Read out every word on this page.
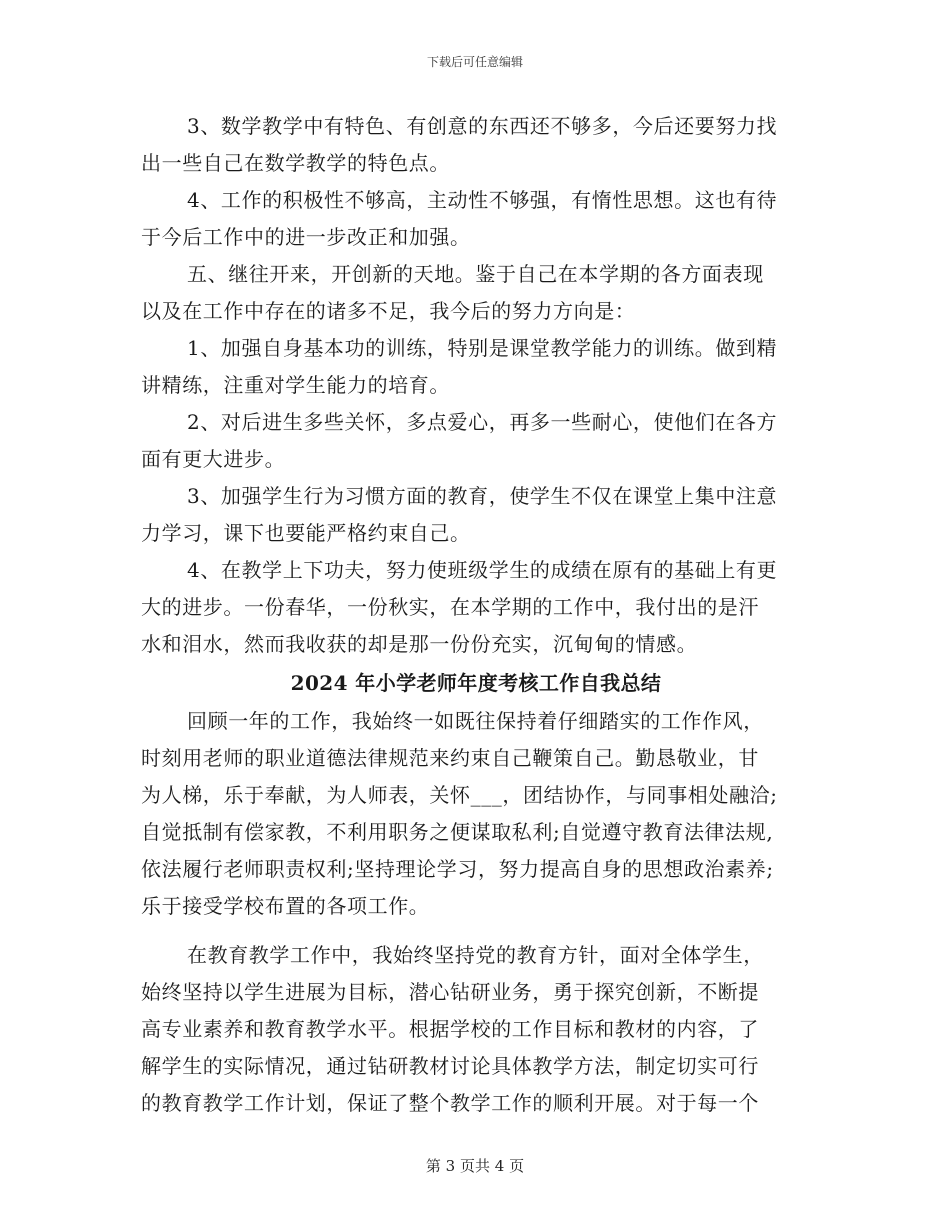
下载后可任意编辑
3、数学教学中有特色、有创意的东西还不够多，今后还要努力找
出一些自己在数学教学的特色点。
4、工作的积极性不够高，主动性不够强，有惰性思想。这也有待
于今后工作中的进一步改正和加强。
五、继往开来，开创新的天地。鉴于自己在本学期的各方面表现
以及在工作中存在的诸多不足，我今后的努力方向是：
1、加强自身基本功的训练，特别是课堂教学能力的训练。做到精
讲精练，注重对学生能力的培育。
2、对后进生多些关怀，多点爱心，再多一些耐心，使他们在各方
面有更大进步。
3、加强学生行为习惯方面的教育，使学生不仅在课堂上集中注意
力学习，课下也要能严格约束自己。
4、在教学上下功夫，努力使班级学生的成绩在原有的基础上有更
大的进步。一份春华，一份秋实，在本学期的工作中，我付出的是汗
水和泪水，然而我收获的却是那一份份充实，沉甸甸的情感。
2024 年小学老师年度考核工作自我总结
回顾一年的工作，我始终一如既往保持着仔细踏实的工作作风，
时刻用老师的职业道德法律规范来约束自己鞭策自己。勤恳敬业，甘
为人梯，乐于奉献，为人师表，关怀___，团结协作，与同事相处融洽;
自觉抵制有偿家教，不利用职务之便谋取私利;自觉遵守教育法律法规,
依法履行老师职责权利;坚持理论学习，努力提高自身的思想政治素养;
乐于接受学校布置的各项工作。
在教育教学工作中，我始终坚持党的教育方针，面对全体学生，
始终坚持以学生进展为目标，潜心钻研业务，勇于探究创新，不断提
高专业素养和教育教学水平。根据学校的工作目标和教材的内容，了
解学生的实际情况，通过钻研教材讨论具体教学方法，制定切实可行
的教育教学工作计划，保证了整个教学工作的顺利开展。对于每一个
第 3 页共 4 页
